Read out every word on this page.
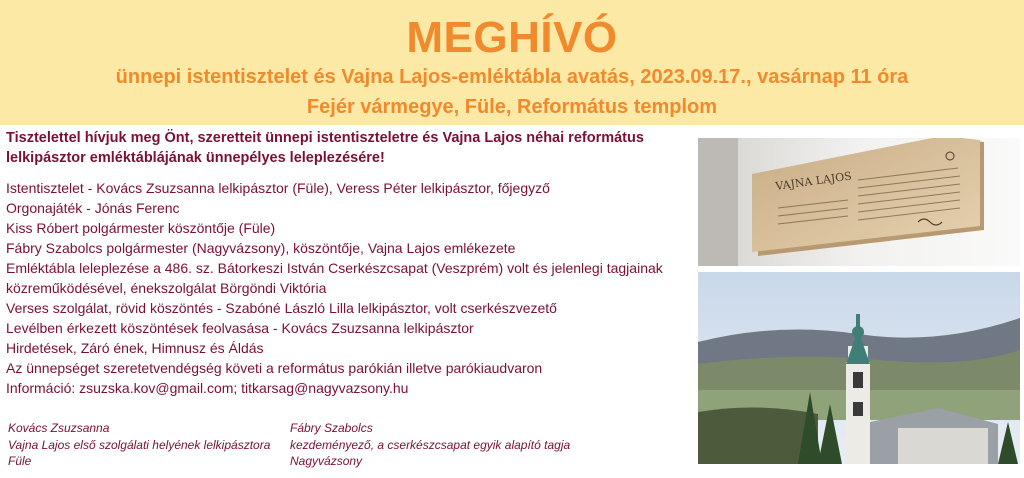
MEGHÍVÓ
ünnepi istentisztelet és Vajna Lajos-emléktábla avatás, 2023.09.17., vasárnap 11 óra
Fejér vármegye, Füle, Református templom

Tisztelettel hívjuk meg Önt, szeretteit ünnepi istentiszteletre és Vajna Lajos néhai református lelkipásztor emléktáblájának ünnepélyes leleplezésére!

Istentisztelet - Kovács Zsuzsanna lelkipásztor (Füle), Veress Péter lelkipásztor, főjegyző
Orgonajáték - Jónás Ferenc
Kiss Róbert polgármester köszöntője (Füle)
Fábry Szabolcs polgármester (Nagyvázsony), köszöntője, Vajna Lajos emlékezete
Emléktábla leleplezése a 486. sz. Bátorkeszi István Cserkészcsapat (Veszprém) volt és jelenlegi tagjainak közreműködésével, énekszolgálat Börgöndi Viktória
Verses szolgálat, rövid köszöntés - Szabóné László Lilla lelkipásztor, volt cserkészvezető
Levélben érkezett köszöntések feolvasása - Kovács Zsuzsanna lelkipásztor
Hirdetések, Záró ének, Himnusz és Áldás
Az ünnepséget szeretetvendégség követi a református parókián illetve parókiaudvaron
Információ: zsuzska.kov@gmail.com; titkarsag@nagyvazsony.hu
Kovács Zsuzsanna
Vajna Lajos első szolgálati helyének lelkipásztora
Füle
Fábry Szabolcs
kezdeményező, a cserkészcsapat egyik alapító tagja
Nagyvázsony
VAJNA LAJOS
